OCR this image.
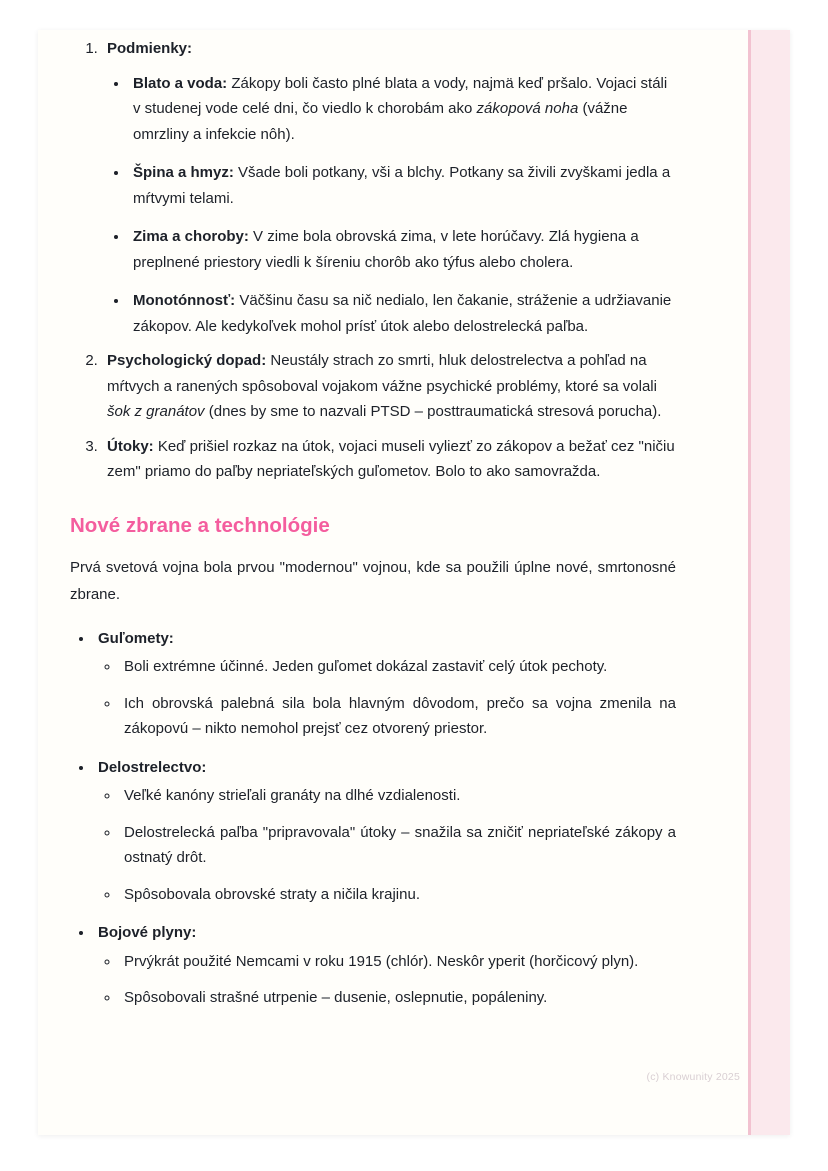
1. Podmienky:
• Blato a voda: Zákopy boli často plné blata a vody, najmä keď pršalo. Vojaci stáli v studenej vode celé dni, čo viedlo k chorobám ako zákopová noha (vážne omrzliny a infekcie nôh).
• Špina a hmyz: Všade boli potkany, vši a blchy. Potkany sa živili zvyškami jedla a mŕtvymi telami.
• Zima a choroby: V zime bola obrovská zima, v lete horúčavy. Zlá hygiena a preplnené priestory viedli k šíreniu chorôb ako týfus alebo cholera.
• Monotónnosť: Väčšinu času sa nič nedialo, len čakanie, stráženie a udržiavanie zákopov. Ale kedykoľvek mohol prísť útok alebo delostrelecká paľba.
2. Psychologický dopad: Neustály strach zo smrti, hluk delostrelectva a pohľad na mŕtvych a ranených spôsoboval vojakom vážne psychické problémy, ktoré sa volali šok z granátov (dnes by sme to nazvali PTSD – posttraumatická stresová porucha).
3. Útoky: Keď prišiel rozkaz na útok, vojaci museli vyliezť zo zákopov a bežať cez "ničiu zem" priamo do paľby nepriateľských guľometov. Bolo to ako samovražda.
Nové zbrane a technológie

Prvá svetová vojna bola prvou "modernou" vojnou, kde sa použili úplne nové, smrtonosné zbrane.

• Guľomety:
◦ Boli extrémne účinné. Jeden guľomet dokázal zastaviť celý útok pechoty.
◦ Ich obrovská palebná sila bola hlavným dôvodom, prečo sa vojna zmenila na zákopovú – nikto nemohol prejsť cez otvorený priestor.
• Delostrelectvo:
◦ Veľké kanóny strieľali granáty na dlhé vzdialenosti.
◦ Delostrelecká paľba "pripravovala" útoky – snažila sa zničiť nepriateľské zákopy a ostnatý drôt.
◦ Spôsobovala obrovské straty a ničila krajinu.
• Bojové plyny:
◦ Prvýkrát použité Nemcami v roku 1915 (chlór). Neskôr yperit (horčicový plyn).
◦ Spôsobovali strašné utrpenie – dusenie, oslepnutie, popáleniny.
(c) Knowunity 2025
